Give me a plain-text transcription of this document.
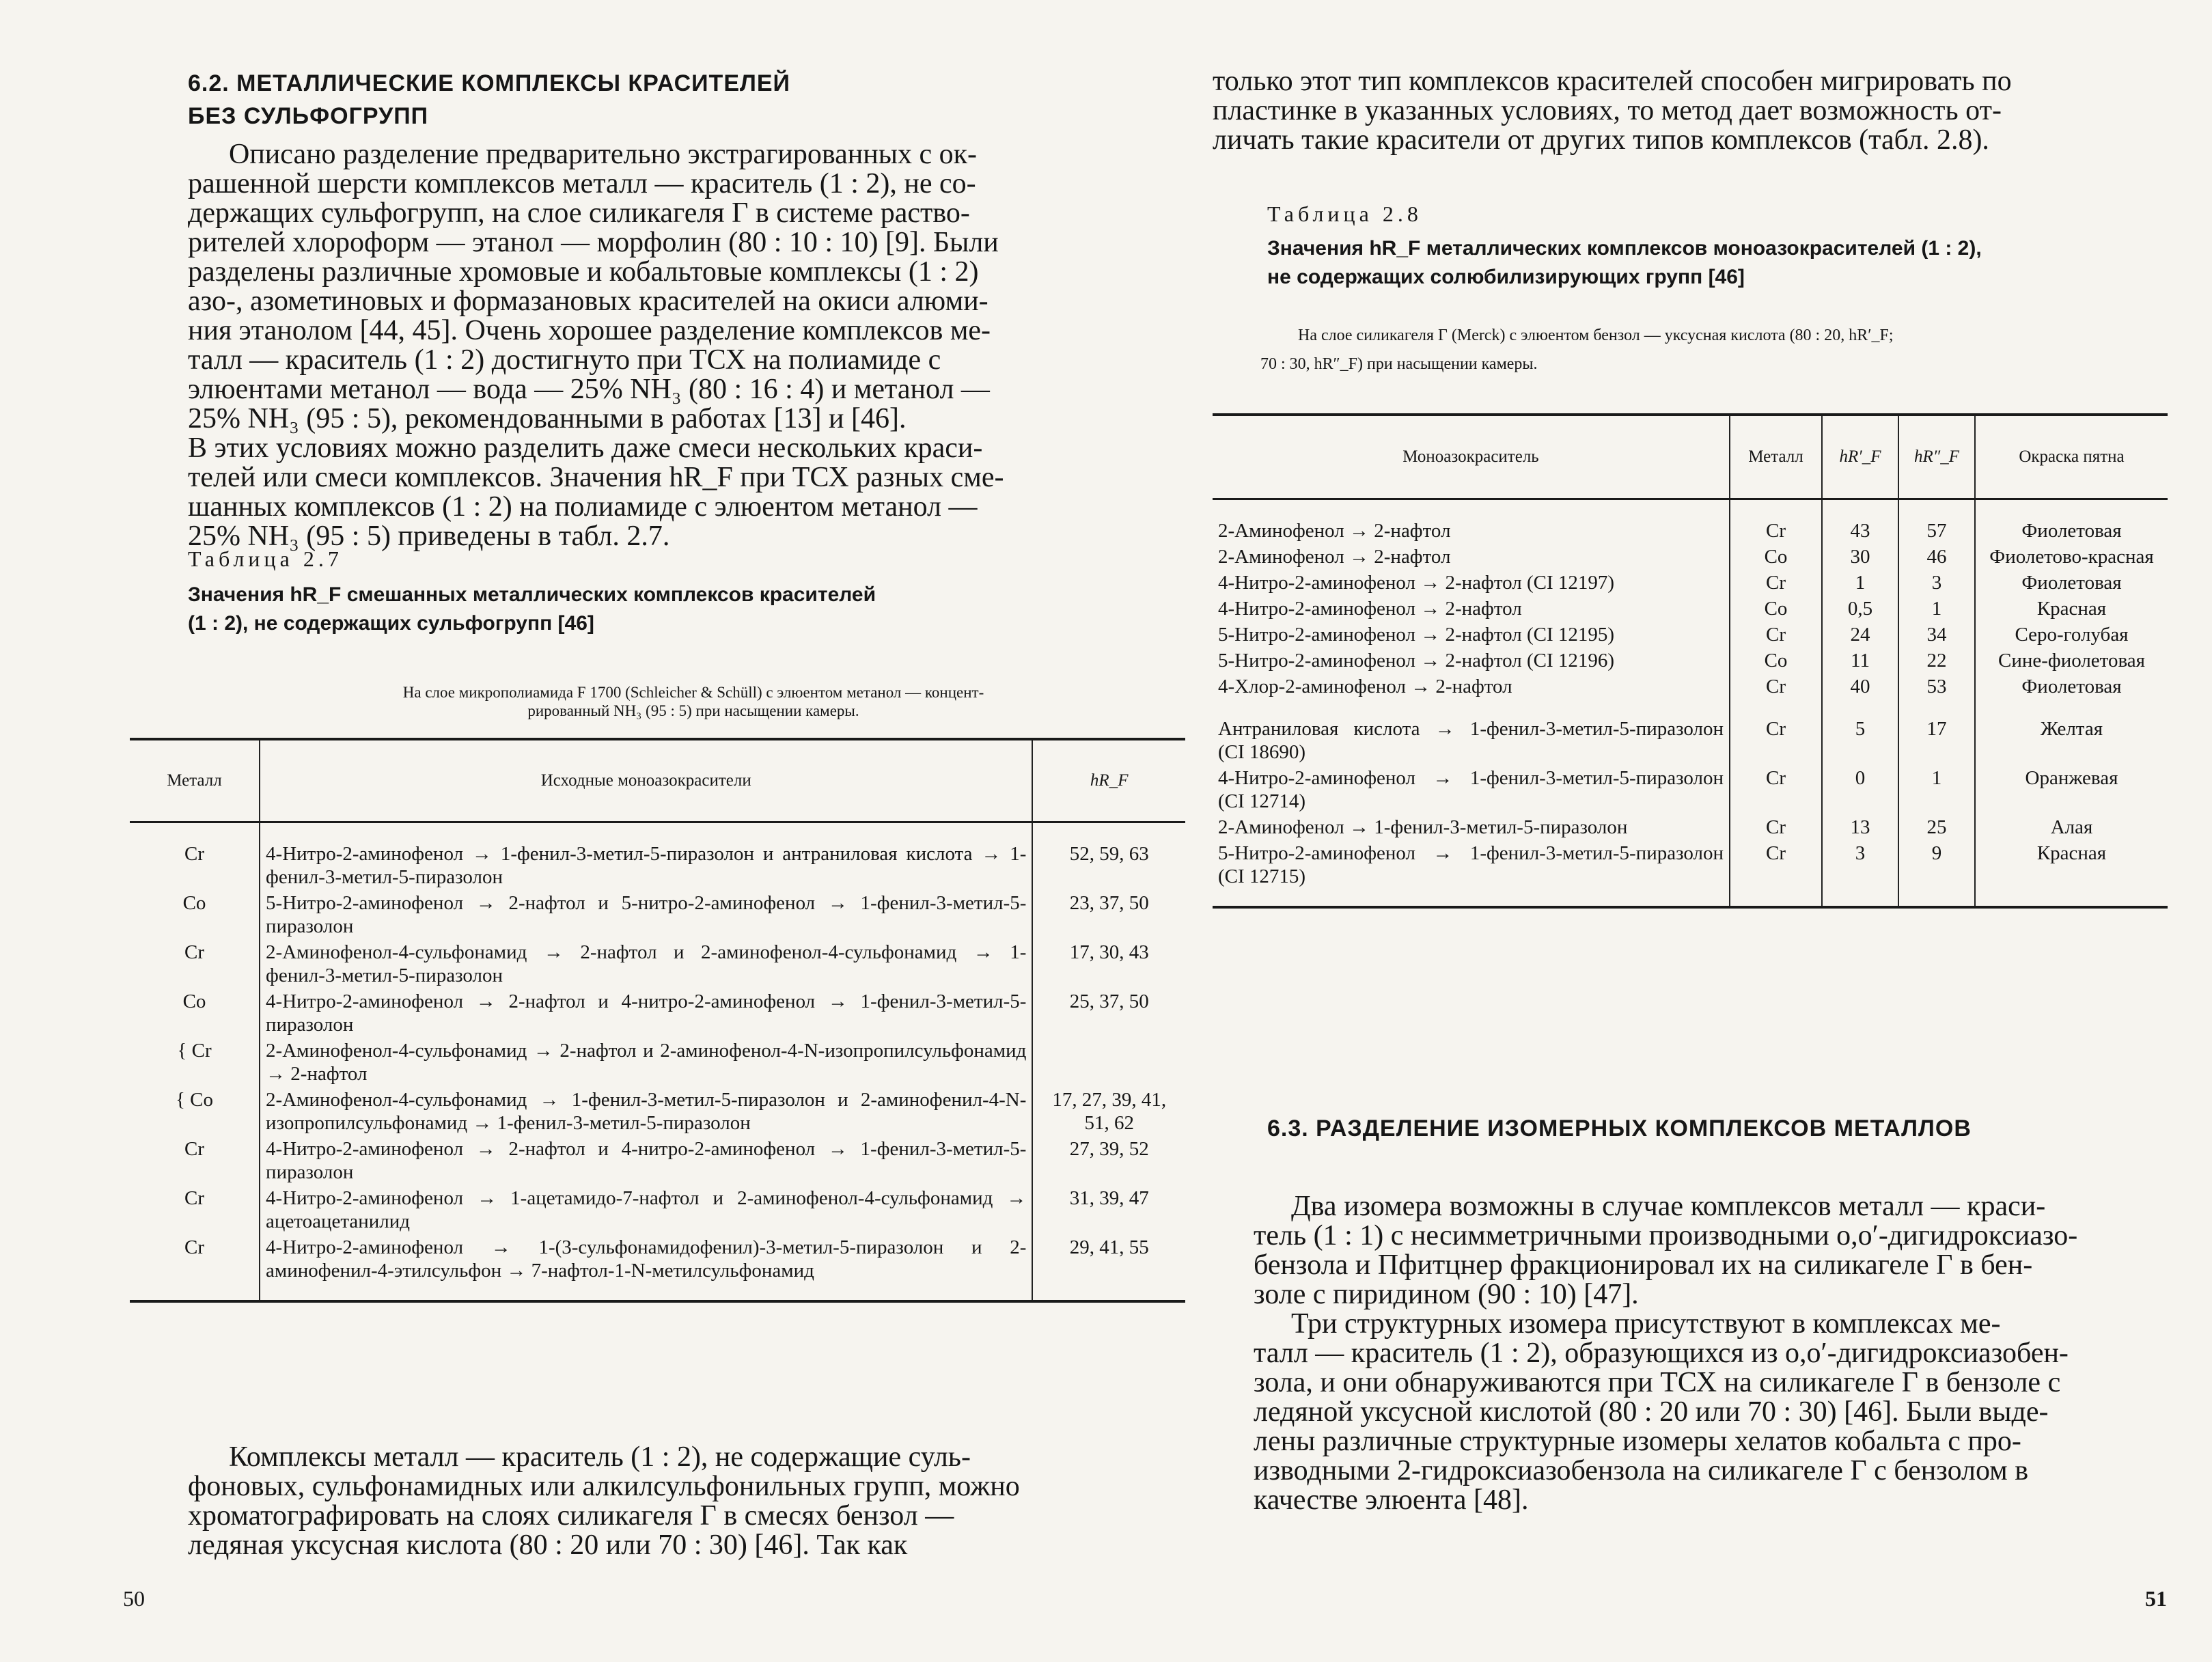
6.2. МЕТАЛЛИЧЕСКИЕ КОМПЛЕКСЫ КРАСИТЕЛЕЙ
БЕЗ СУЛЬФОГРУПП
Описано разделение предварительно экстрагированных с ок-
рашенной шерсти комплексов металл — краситель (1 : 2), не со-
держащих сульфогрупп, на слое силикагеля Г в системе раство-
рителей хлороформ — этанол — морфолин (80 : 10 : 10) [9]. Были
разделены различные хромовые и кобальтовые комплексы (1 : 2)
азо-, азометиновых и формазановых красителей на окиси алюми-
ния этанолом [44, 45]. Очень хорошее разделение комплексов ме-
талл — краситель (1 : 2) достигнуто при ТСХ на полиамиде с
элюентами метанол — вода — 25% NH₃ (80 : 16 : 4) и метанол —
25% NH₃ (95 : 5), рекомендованными в работах [13] и [46].
В этих условиях можно разделить даже смеси нескольких краси-
телей или смеси комплексов. Значения hR_F при ТСХ разных сме-
шанных комплексов (1 : 2) на полиамиде с элюентом метанол —
25% NH₃ (95 : 5) приведены в табл. 2.7.
Таблица 2.7
Значения hR_F смешанных металлических комплексов красителей
(1 : 2), не содержащих сульфогрупп [46]
На слое микрополиамида F 1700 (Schleicher & Schüll) с элюентом метанол — концент-
рированный NH₃ (95 : 5) при насыщении камеры.
Металл	Исходные моноазокрасители	hR_F
Cr	4-Нитро-2-аминофенол → 1-фенил-3-метил-5-пиразолон и антраниловая кислота → 1-фенил-3-метил-5-пиразолон	52, 59, 63
Co	5-Нитро-2-аминофенол → 2-нафтол и 5-нитро-2-аминофенол → 1-фенил-3-метил-5-пиразолон	23, 37, 50
Cr	2-Аминофенол-4-сульфонамид → 2-нафтол и 2-аминофенол-4-сульфонамид → 1-фенил-3-метил-5-пиразолон	17, 30, 43
Co	4-Нитро-2-аминофенол → 2-нафтол и 4-нитро-2-аминофенол → 1-фенил-3-метил-5-пиразолон	25, 37, 50
{ Cr	2-Аминофенол-4-сульфонамид → 2-нафтол и 2-аминофенол-4-N-изопропилсульфонамид → 2-нафтол	
{ Co	2-Аминофенол-4-сульфонамид → 1-фенил-3-метил-5-пиразолон и 2-аминофенил-4-N-изопропилсульфонамид → 1-фенил-3-метил-5-пиразолон	17, 27, 39, 41, 51, 62
Cr	4-Нитро-2-аминофенол → 2-нафтол и 4-нитро-2-аминофенол → 1-фенил-3-метил-5-пиразолон	27, 39, 52
Cr	4-Нитро-2-аминофенол → 1-ацетамидо-7-нафтол и 2-аминофенол-4-сульфонамид → ацетоацетанилид	31, 39, 47
Cr	4-Нитро-2-аминофенол → 1-(3-сульфонамидофенил)-3-метил-5-пиразолон и 2-аминофенил-4-этилсульфон → 7-нафтол-1-N-метилсульфонамид	29, 41, 55
Комплексы металл — краситель (1 : 2), не содержащие суль-
фоновых, сульфонамидных или алкилсульфонильных групп, можно
хроматографировать на слоях силикагеля Г в смесях бензол —
ледяная уксусная кислота (80 : 20 или 70 : 30) [46]. Так как
50
только этот тип комплексов красителей способен мигрировать по
пластинке в указанных условиях, то метод дает возможность от-
личать такие красители от других типов комплексов (табл. 2.8).
Таблица 2.8
Значения hR_F металлических комплексов моноазокрасителей (1 : 2),
не содержащих солюбилизирующих групп [46]
На слое силикагеля Г (Merck) с элюентом бензол — уксусная кислота (80 : 20, hR′_F;
70 : 30, hR″_F) при насыщении камеры.
Моноазокраситель	Металл	hR′_F	hR″_F	Окраска пятна
2-Аминофенол → 2-нафтол	Cr	43	57	Фиолетовая
2-Аминофенол → 2-нафтол	Co	30	46	Фиолетово-красная
4-Нитро-2-аминофенол → 2-нафтол (CI 12197)	Cr	1	3	Фиолетовая
4-Нитро-2-аминофенол → 2-нафтол	Co	0,5	1	Красная
5-Нитро-2-аминофенол → 2-нафтол (CI 12195)	Cr	24	34	Серо-голубая
5-Нитро-2-аминофенол → 2-нафтол (CI 12196)	Co	11	22	Сине-фиолетовая
4-Хлор-2-аминофенол → 2-нафтол	Cr	40	53	Фиолетовая
Антраниловая кислота → 1-фенил-3-метил-5-пиразолон (CI 18690)	Cr	5	17	Желтая
4-Нитро-2-аминофенол → 1-фенил-3-метил-5-пиразолон (CI 12714)	Cr	0	1	Оранжевая
2-Аминофенол → 1-фенил-3-метил-5-пиразолон	Cr	13	25	Алая
5-Нитро-2-аминофенол → 1-фенил-3-метил-5-пиразолон (CI 12715)	Cr	3	9	Красная
6.3. РАЗДЕЛЕНИЕ ИЗОМЕРНЫХ КОМПЛЕКСОВ МЕТАЛЛОВ
Два изомера возможны в случае комплексов металл — краси-
тель (1 : 1) с несимметричными производными o,o′-дигидроксиазо-
бензола и Пфитцнер фракционировал их на силикагеле Г в бен-
золе с пиридином (90 : 10) [47].
Три структурных изомера присутствуют в комплексах ме-
талл — краситель (1 : 2), образующихся из o,o′-дигидроксиазобен-
зола, и они обнаруживаются при ТСХ на силикагеле Г в бензоле с
ледяной уксусной кислотой (80 : 20 или 70 : 30) [46]. Были выде-
лены различные структурные изомеры хелатов кобальта с про-
изводными 2-гидроксиазобензола на силикагеле Г с бензолом в
качестве элюента [48].
51
